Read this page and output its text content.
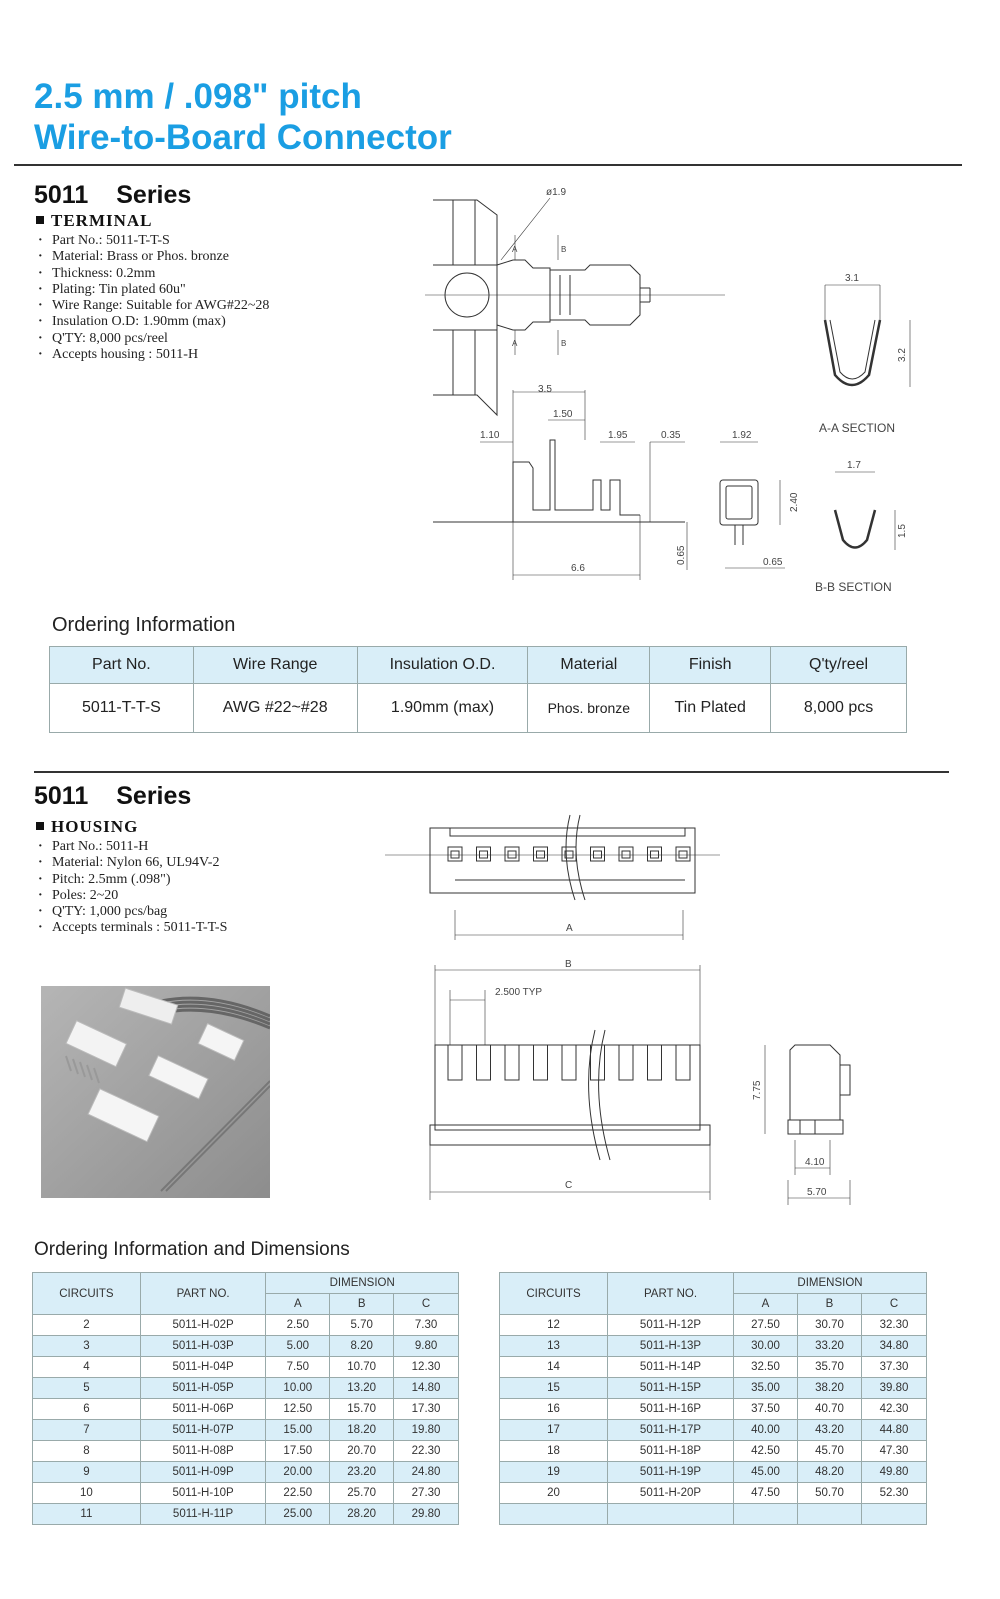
2.5 mm / .098" pitch
Wire-to-Board Connector
5011 Series
TERMINAL
· Part No.: 5011-T-T-S
· Material: Brass or Phos. bronze
· Thickness: 0.2mm
· Plating: Tin plated 60u"
· Wire Range: Suitable for AWG#22~28
· Insulation O.D: 1.90mm (max)
· Q'TY: 8,000 pcs/reel
· Accepts housing : 5011-H
ø1.9
A
A
B
B
3.5
1.50
1.10	1.95	0.35
6.6
0.65
1.92
2.40
0.65
3.1
3.2
A-A SECTION
1.7
1.5
B-B SECTION
Ordering Information
Part No.	Wire Range	Insulation O.D.	Material	Finish	Q'ty/reel
5011-T-T-S	AWG #22~#28	1.90mm (max)	Phos. bronze	Tin Plated	8,000 pcs
5011 Series
HOUSING
· Part No.: 5011-H
· Material: Nylon 66, UL94V-2
· Pitch: 2.5mm (.098")
· Poles: 2~20
· Q'TY: 1,000 pcs/bag
· Accepts terminals : 5011-T-T-S	A
B
2.500 TYP
C
7.75
4.10
5.70
Ordering Information and Dimensions
CIRCUITS	PART NO.	DIMENSION		
		A	B	C
2	5011-H-02P	2.50	5.70	7.30
3	5011-H-03P	5.00	8.20	9.80
4	5011-H-04P	7.50	10.70	12.30
5	5011-H-05P	10.00	13.20	14.80
6	5011-H-06P	12.50	15.70	17.30
7	5011-H-07P	15.00	18.20	19.80
8	5011-H-08P	17.50	20.70	22.30
9	5011-H-09P	20.00	23.20	24.80
10	5011-H-10P	22.50	25.70	27.30
11	5011-H-11P	25.00	28.20	29.80
CIRCUITS	PART NO.	DIMENSION		
		A	B	C
12	5011-H-12P	27.50	30.70	32.30
13	5011-H-13P	30.00	33.20	34.80
14	5011-H-14P	32.50	35.70	37.30
15	5011-H-15P	35.00	38.20	39.80
16	5011-H-16P	37.50	40.70	42.30
17	5011-H-17P	40.00	43.20	44.80
18	5011-H-18P	42.50	45.70	47.30
19	5011-H-19P	45.00	48.20	49.80
20	5011-H-20P	47.50	50.70	52.30
